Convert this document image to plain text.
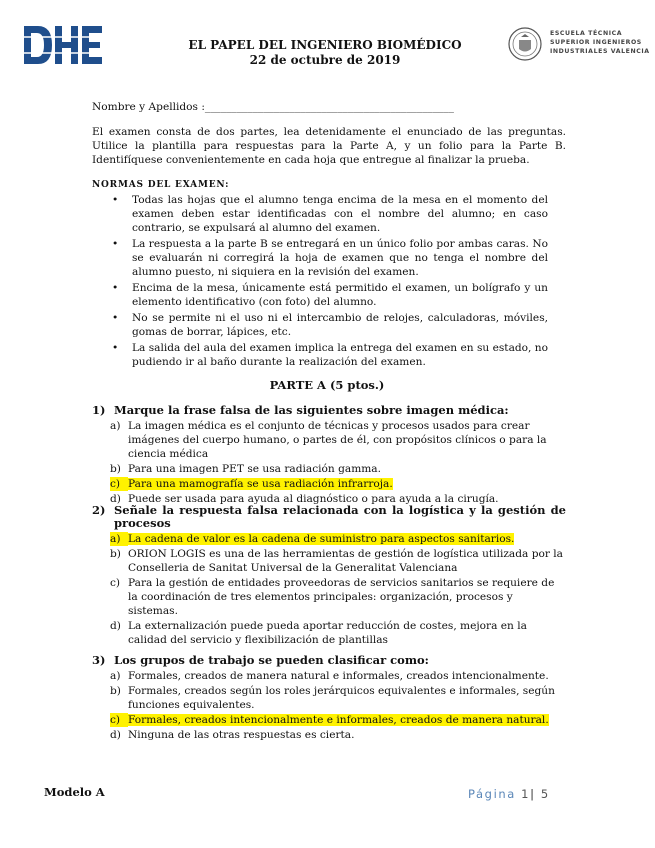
EL PAPEL DEL INGENIERO BIOMÉDICO
22 de octubre de 2019
ESCUELA TÉCNICA
SUPERIOR INGENIEROS
INDUSTRIALES VALENCIA
Nombre y Apellidos :_______________________________________________
El examen consta de dos partes, lea detenidamente el enunciado de las preguntas. Utilice la plantilla para respuestas para la Parte A, y un folio para la Parte B. Identifíquese convenientemente en cada hoja que entregue al finalizar la prueba.
NORMAS DEL EXAMEN:
• Todas las hojas que el alumno tenga encima de la mesa en el momento del examen deben estar identificadas con el nombre del alumno; en caso contrario, se expulsará al alumno del examen.
• La respuesta a la parte B se entregará en un único folio por ambas caras. No se evaluarán ni corregirá la hoja de examen que no tenga el nombre del alumno puesto, ni siquiera en la revisión del examen.
• Encima de la mesa, únicamente está permitido el examen, un bolígrafo y un elemento identificativo (con foto) del alumno.
• No se permite ni el uso ni el intercambio de relojes, calculadoras, móviles, gomas de borrar, lápices, etc.
• La salida del aula del examen implica la entrega del examen en su estado, no pudiendo ir al baño durante la realización del examen.
PARTE A (5 ptos.)
1) Marque la frase falsa de las siguientes sobre imagen médica:
a) La imagen médica es el conjunto de técnicas y procesos usados para crear imágenes del cuerpo humano, o partes de él, con propósitos clínicos o para la ciencia médica
b) Para una imagen PET se usa radiación gamma.
c) Para una mamografía se usa radiación infrarroja.
d) Puede ser usada para ayuda al diagnóstico o para ayuda a la cirugía.
2) Señale la respuesta falsa relacionada con la logística y la gestión de procesos
a) La cadena de valor es la cadena de suministro para aspectos sanitarios.
b) ORION LOGIS es una de las herramientas de gestión de logística utilizada por la Conselleria de Sanitat Universal de la Generalitat Valenciana
c) Para la gestión de entidades proveedoras de servicios sanitarios se requiere de la coordinación de tres elementos principales: organización, procesos y sistemas.
d) La externalización puede pueda aportar reducción de costes, mejora en la calidad del servicio y flexibilización de plantillas
3) Los grupos de trabajo se pueden clasificar como:
a) Formales, creados de manera natural e informales, creados intencionalmente.
b) Formales, creados según los roles jerárquicos equivalentes e informales, según funciones equivalentes.
c) Formales, creados intencionalmente e informales, creados de manera natural.
d) Ninguna de las otras respuestas es cierta.
Modelo A	Página 1| 5
